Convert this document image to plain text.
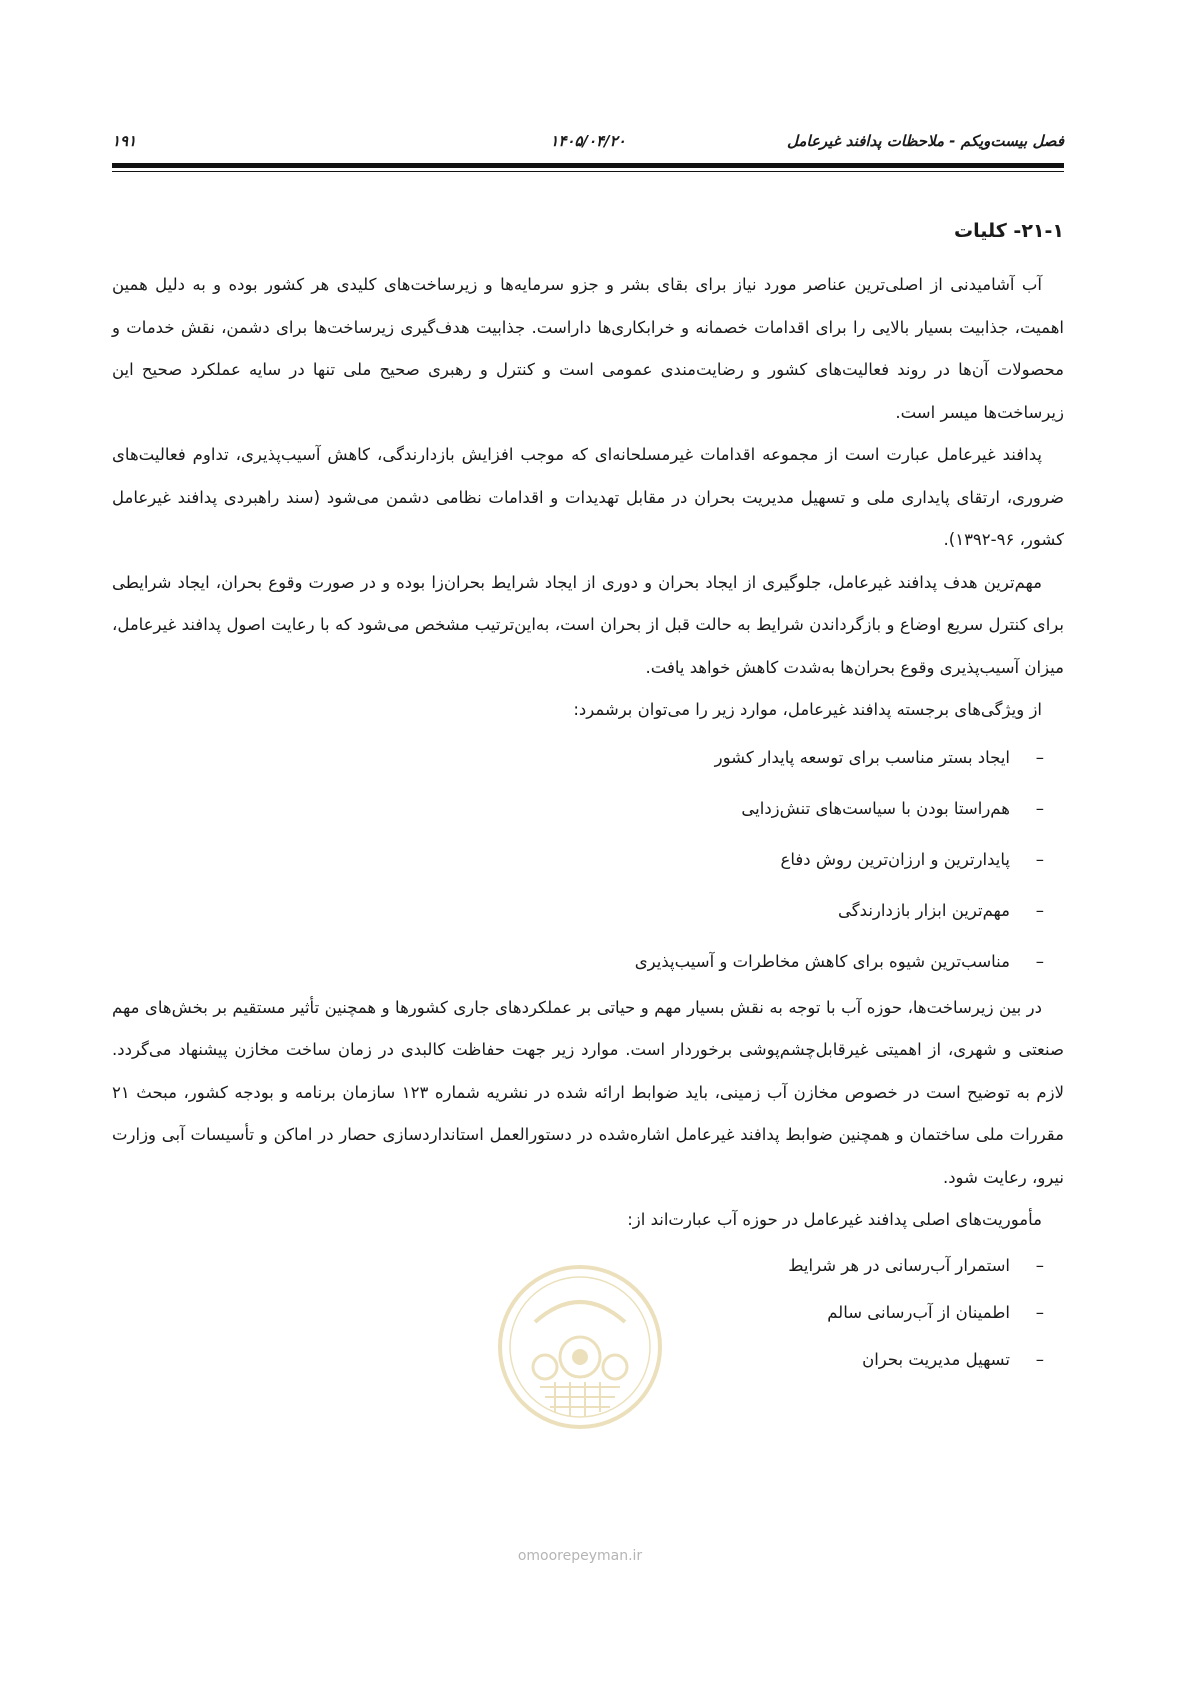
فصل بیست‌ویکم - ملاحظات پدافند غیرعامل
۱۴۰۵/۰۴/۲۰
۱۹۱
۲۱-۱- کلیات

آب آشامیدنی از اصلی‌ترین عناصر مورد نیاز برای بقای بشر و جزو سرمایه‌ها و زیرساخت‌های کلیدی هر کشور بوده و به دلیل همین اهمیت، جذابیت بسیار بالایی را برای اقدامات خصمانه و خرابکاری‌ها داراست. جذابیت هدف‌گیری زیرساخت‌ها برای دشمن، نقش خدمات و محصولات آن‌ها در روند فعالیت‌های کشور و رضایت‌مندی عمومی است و کنترل و رهبری صحیح ملی تنها در سایه عملکرد صحیح این زیرساخت‌ها میسر است.

پدافند غیرعامل عبارت است از مجموعه اقدامات غیرمسلحانه‌ای که موجب افزایش بازدارندگی، کاهش آسیب‌پذیری، تداوم فعالیت‌های ضروری، ارتقای پایداری ملی و تسهیل مدیریت بحران در مقابل تهدیدات و اقدامات نظامی دشمن می‌شود (سند راهبردی پدافند غیرعامل کشور، ۹۶-۱۳۹۲).

مهم‌ترین هدف پدافند غیرعامل، جلوگیری از ایجاد بحران و دوری از ایجاد شرایط بحران‌زا بوده و در صورت وقوع بحران، ایجاد شرایطی برای کنترل سریع اوضاع و بازگرداندن شرایط به حالت قبل از بحران است، به‌این‌ترتیب مشخص می‌شود که با رعایت اصول پدافند غیرعامل، میزان آسیب‌پذیری وقوع بحران‌ها به‌شدت کاهش خواهد یافت.

از ویژگی‌های برجسته پدافند غیرعامل، موارد زیر را می‌توان برشمرد:

–ایجاد بستر مناسب برای توسعه پایدار کشور
–هم‌راستا بودن با سیاست‌های تنش‌زدایی
–پایدارترین و ارزان‌ترین روش دفاع
–مهم‌ترین ابزار بازدارندگی
–مناسب‌ترین شیوه برای کاهش مخاطرات و آسیب‌پذیری

در بین زیرساخت‌ها، حوزه آب با توجه به نقش بسیار مهم و حیاتی بر عملکردهای جاری کشورها و همچنین تأثیر مستقیم بر بخش‌های مهم صنعتی و شهری، از اهمیتی غیرقابل‌چشم‌پوشی برخوردار است. موارد زیر جهت حفاظت کالبدی در زمان ساخت مخازن پیشنهاد می‌گردد. لازم به توضیح است در خصوص مخازن آب زمینی، باید ضوابط ارائه شده در نشریه شماره ۱۲۳ سازمان برنامه و بودجه کشور، مبحث ۲۱ مقررات ملی ساختمان و همچنین ضوابط پدافند غیرعامل اشاره‌شده در دستورالعمل استانداردسازی حصار در اماکن و تأسیسات آبی وزارت نیرو، رعایت شود.

مأموریت‌های اصلی پدافند غیرعامل در حوزه آب عبارت‌اند از:

–استمرار آب‌رسانی در هر شرایط
–اطمینان از آب‌رسانی سالم
–تسهیل مدیریت بحران
omoorepeyman.ir
